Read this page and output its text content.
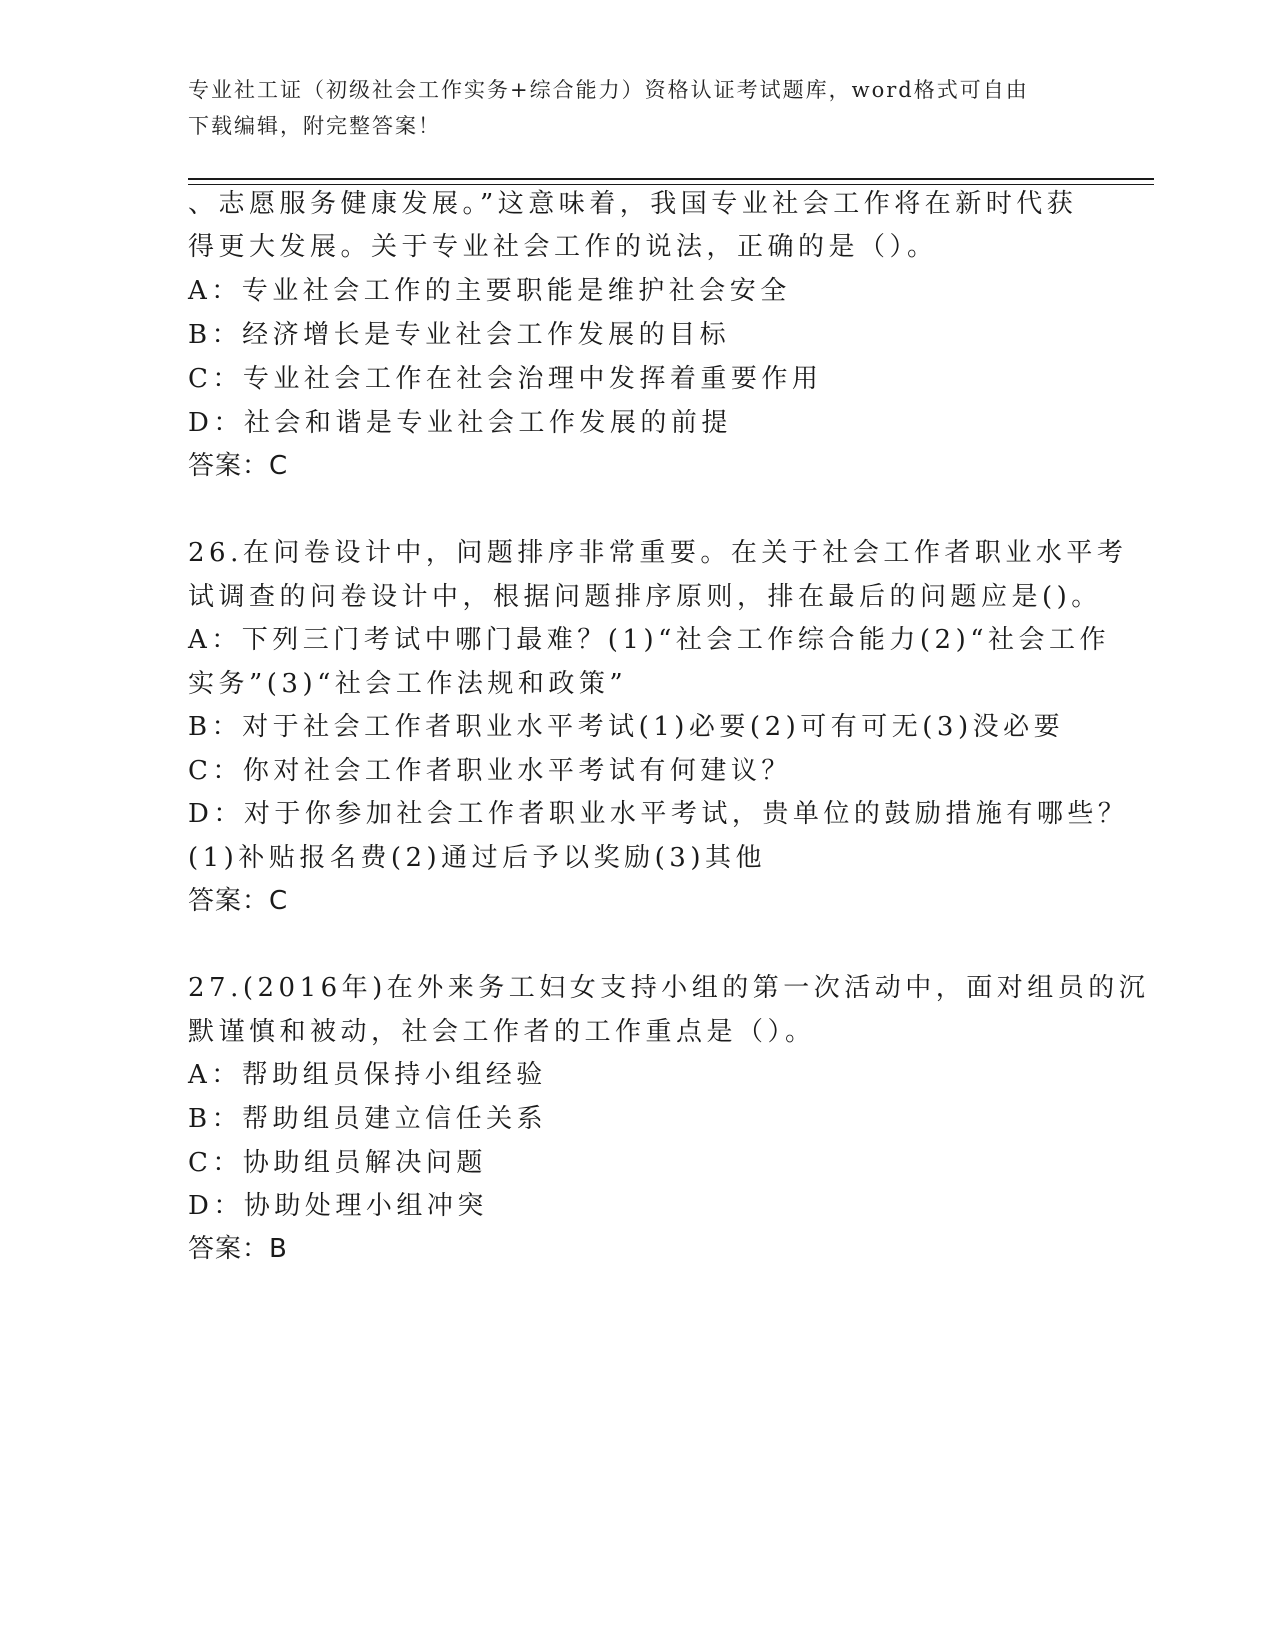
专业社工证（初级社会工作实务+综合能力）资格认证考试题库，word格式可自由
下载编辑，附完整答案！
、志愿服务健康发展。”这意味着，我国专业社会工作将在新时代获
得更大发展。关于专业社会工作的说法，正确的是（）。
A：专业社会工作的主要职能是维护社会安全
B：经济增长是专业社会工作发展的目标
C：专业社会工作在社会治理中发挥着重要作用
D：社会和谐是专业社会工作发展的前提
答案：C
26.在问卷设计中，问题排序非常重要。在关于社会工作者职业水平考
试调查的问卷设计中，根据问题排序原则，排在最后的问题应是()。
A：下列三门考试中哪门最难？(1)“社会工作综合能力(2)“社会工作
实务”(3)“社会工作法规和政策”
B：对于社会工作者职业水平考试(1)必要(2)可有可无(3)没必要
C：你对社会工作者职业水平考试有何建议？
D：对于你参加社会工作者职业水平考试，贵单位的鼓励措施有哪些？
(1)补贴报名费(2)通过后予以奖励(3)其他
答案：C
27.(2016年)在外来务工妇女支持小组的第一次活动中，面对组员的沉
默谨慎和被动，社会工作者的工作重点是（）。
A：帮助组员保持小组经验
B：帮助组员建立信任关系
C：协助组员解决问题
D：协助处理小组冲突
答案：B
